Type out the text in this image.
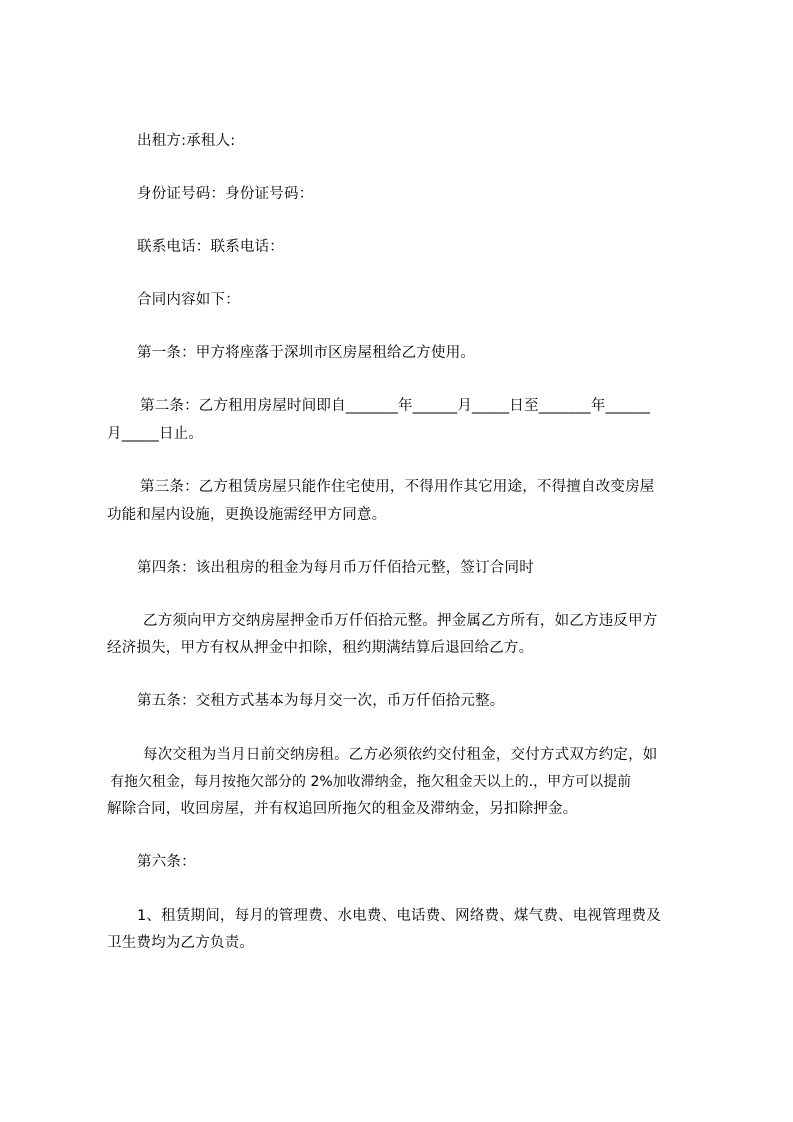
出租方:承租人:
身份证号码：身份证号码：
联系电话：联系电话：
合同内容如下：
第一条：甲方将座落于深圳市区房屋租给乙方使用。
第二条：乙方租用房屋时间即自_______年______月_____日至_______年______
月_____日止。
第三条：乙方租赁房屋只能作住宅使用，不得用作其它用途，不得擅自改变房屋
功能和屋内设施，更换设施需经甲方同意。
第四条：该出租房的租金为每月币万仟佰拾元整，签订合同时
乙方须向甲方交纳房屋押金币万仟佰拾元整。押金属乙方所有，如乙方违反甲方
经济损失，甲方有权从押金中扣除，租约期满结算后退回给乙方。
第五条：交租方式基本为每月交一次，币万仟佰拾元整。
每次交租为当月日前交纳房租。乙方必须依约交付租金，交付方式双方约定，如
有拖欠租金，每月按拖欠部分的 2%加收滞纳金，拖欠租金天以上的.，甲方可以提前
解除合同，收回房屋，并有权追回所拖欠的租金及滞纳金，另扣除押金。
第六条：
1、租赁期间，每月的管理费、水电费、电话费、网络费、煤气费、电视管理费及
卫生费均为乙方负责。
